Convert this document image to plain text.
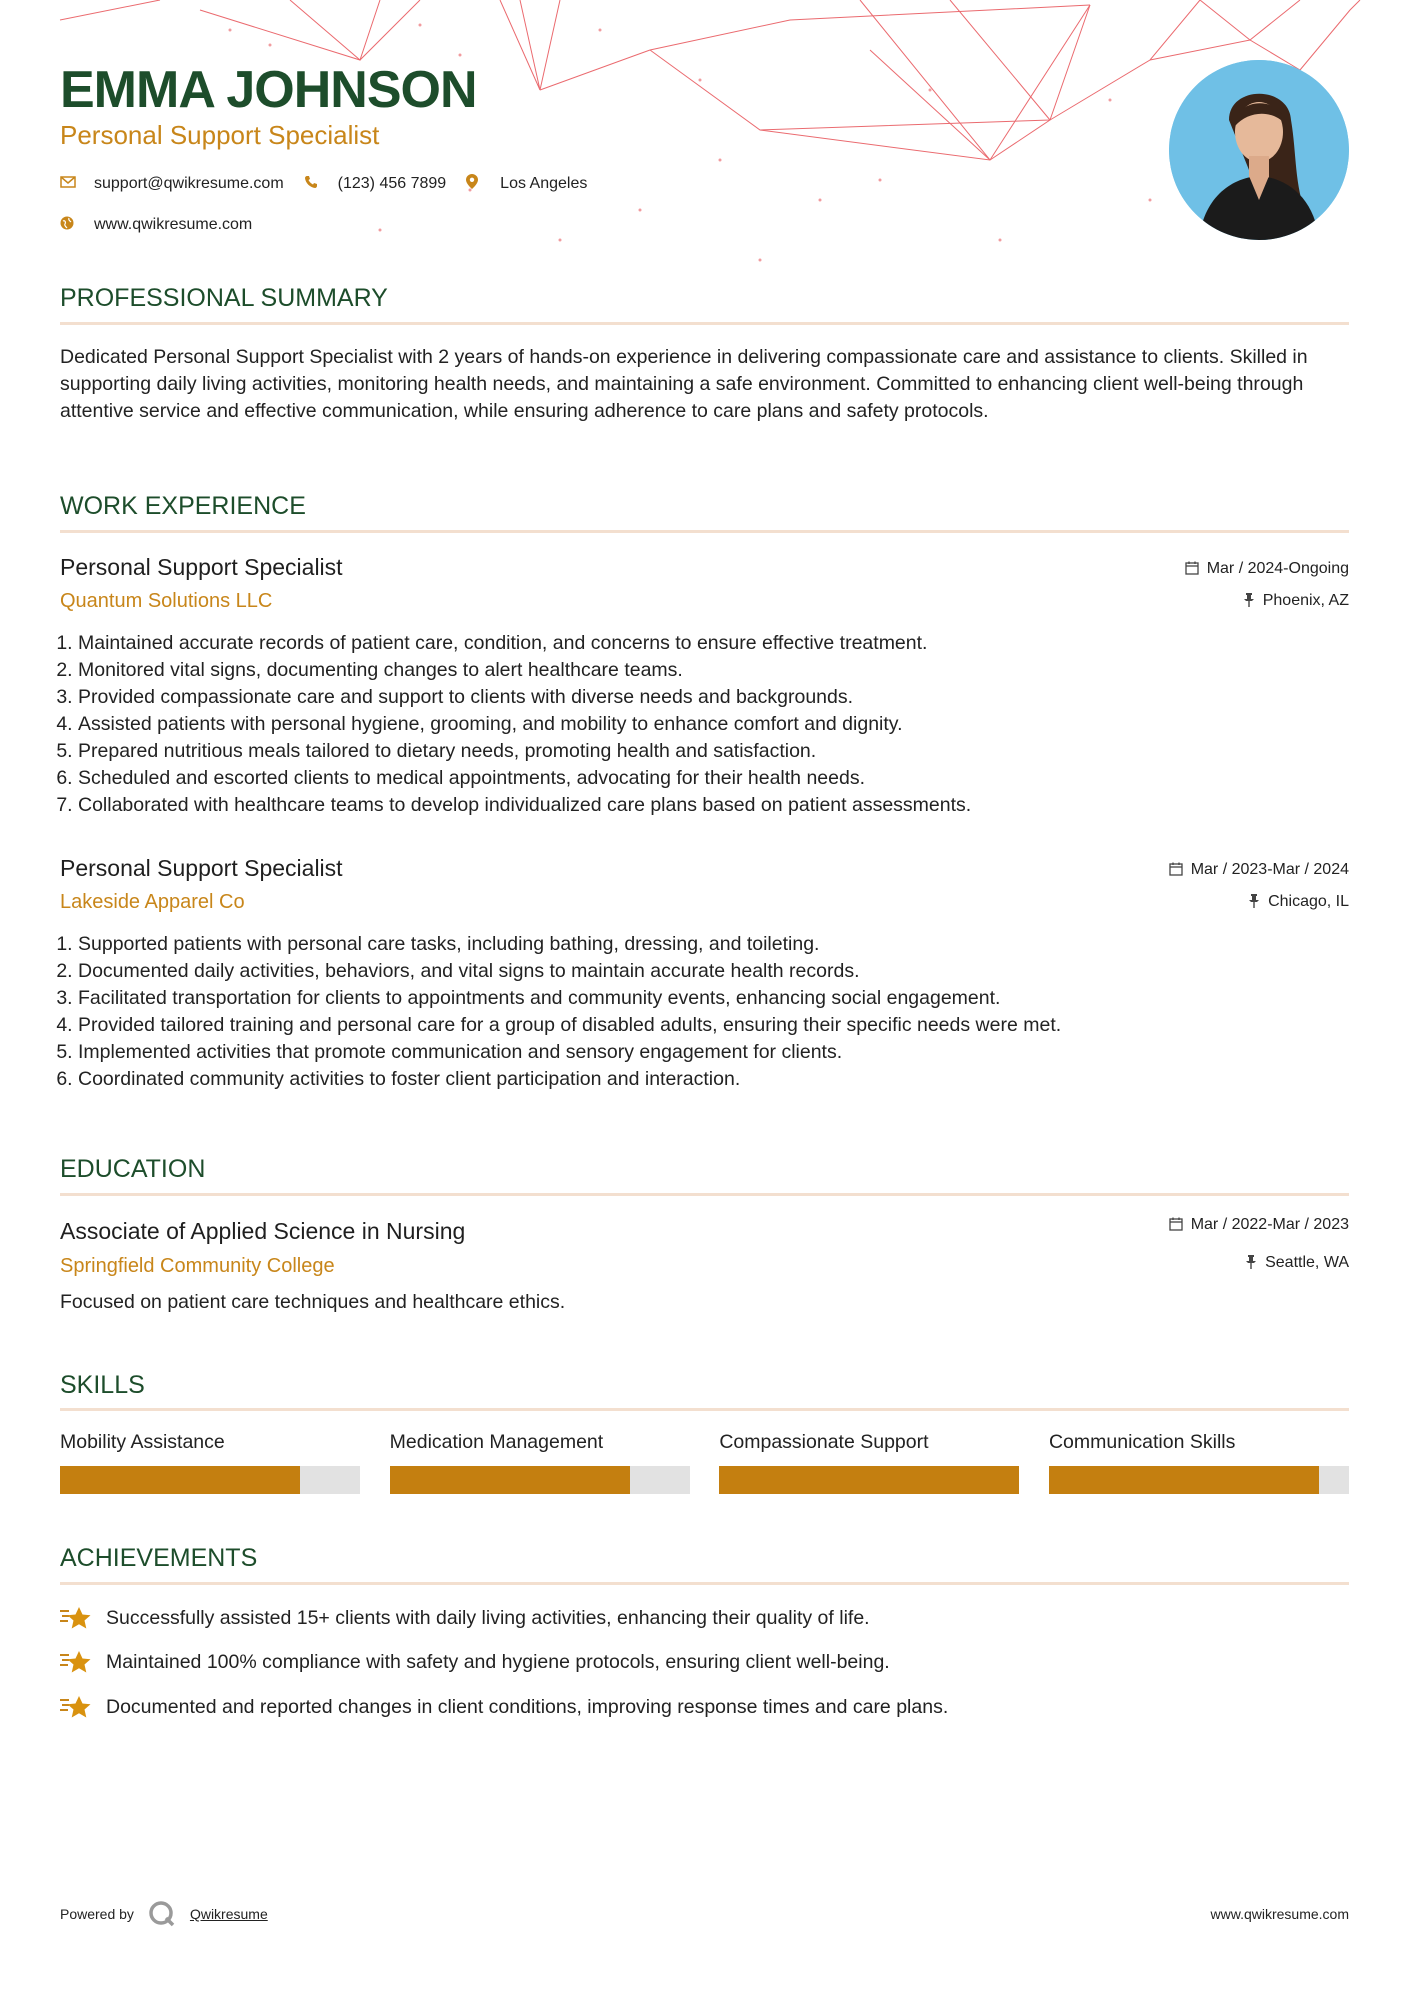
EMMA JOHNSON
Personal Support Specialist
support@qwikresume.com	(123) 456 7899	Los Angeles
www.qwikresume.com
PROFESSIONAL SUMMARY

Dedicated Personal Support Specialist with 2 years of hands-on experience in delivering compassionate care and assistance to clients. Skilled in supporting daily living activities, monitoring health needs, and maintaining a safe environment. Committed to enhancing client well-being through attentive service and effective communication, while ensuring adherence to care plans and safety protocols.

WORK EXPERIENCE
Personal Support Specialist
Quantum Solutions LLC
Mar / 2024-Ongoing
Phoenix, AZ
1. Maintained accurate records of patient care, condition, and concerns to ensure effective treatment.
2. Monitored vital signs, documenting changes to alert healthcare teams.
3. Provided compassionate care and support to clients with diverse needs and backgrounds.
4. Assisted patients with personal hygiene, grooming, and mobility to enhance comfort and dignity.
5. Prepared nutritious meals tailored to dietary needs, promoting health and satisfaction.
6. Scheduled and escorted clients to medical appointments, advocating for their health needs.
7. Collaborated with healthcare teams to develop individualized care plans based on patient assessments.
Personal Support Specialist
Lakeside Apparel Co
Mar / 2023-Mar / 2024
Chicago, IL
1. Supported patients with personal care tasks, including bathing, dressing, and toileting.
2. Documented daily activities, behaviors, and vital signs to maintain accurate health records.
3. Facilitated transportation for clients to appointments and community events, enhancing social engagement.
4. Provided tailored training and personal care for a group of disabled adults, ensuring their specific needs were met.
5. Implemented activities that promote communication and sensory engagement for clients.
6. Coordinated community activities to foster client participation and interaction.
EDUCATION
Associate of Applied Science in Nursing
Springfield Community College
Mar / 2022-Mar / 2023
Seattle, WA

Focused on patient care techniques and healthcare ethics.

SKILLS
Mobility Assistance	Medication Management	Compassionate Support	Communication Skills
ACHIEVEMENTS
Successfully assisted 15+ clients with daily living activities, enhancing their quality of life.
Maintained 100% compliance with safety and hygiene protocols, ensuring client well-being.
Documented and reported changes in client conditions, improving response times and care plans.
Powered by	Qwikresume	www.qwikresume.com
